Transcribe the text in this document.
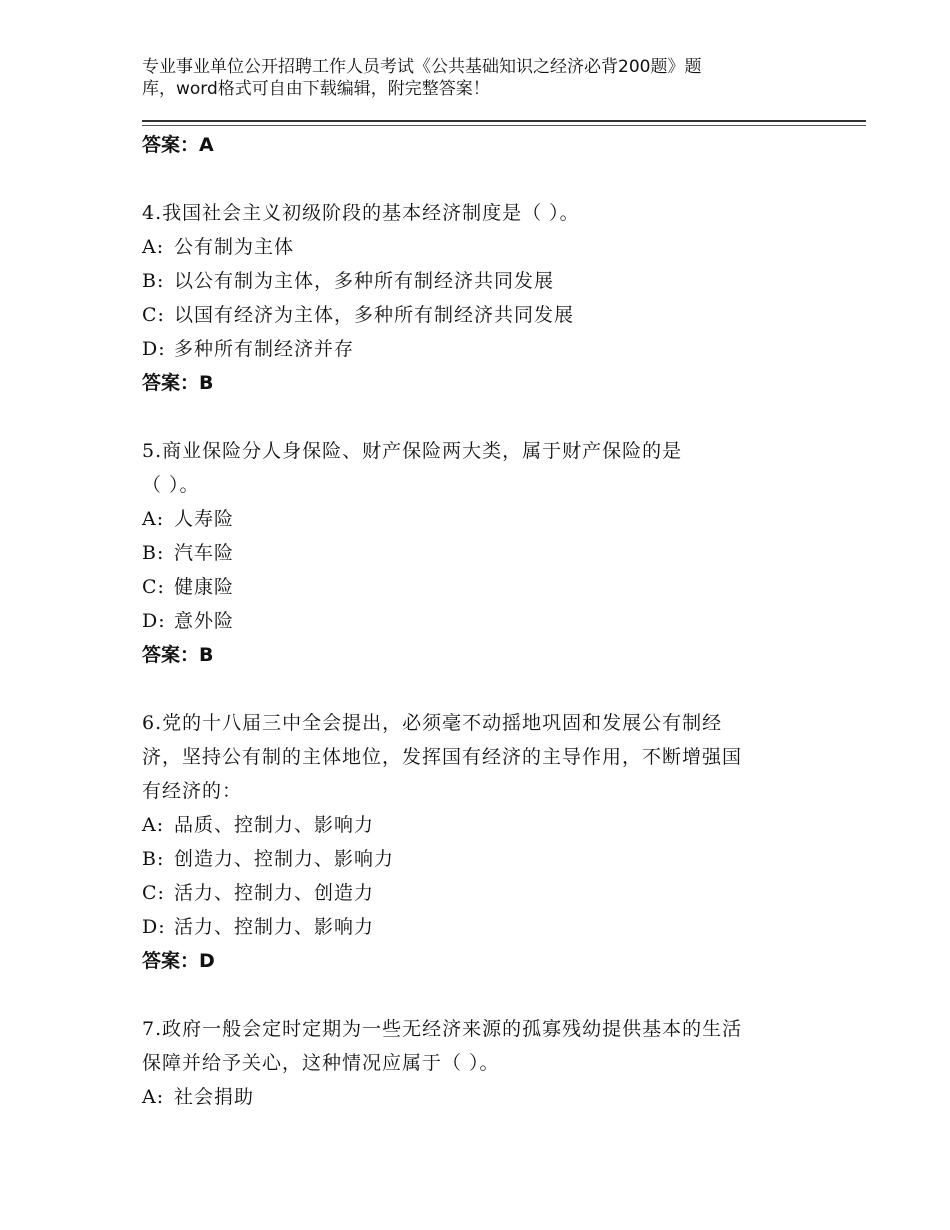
专业事业单位公开招聘工作人员考试《公共基础知识之经济必背200题》题
库，word格式可自由下载编辑，附完整答案！
答案：A
4.我国社会主义初级阶段的基本经济制度是（ ）。
A: 公有制为主体
B: 以公有制为主体，多种所有制经济共同发展
C: 以国有经济为主体，多种所有制经济共同发展
D: 多种所有制经济并存
答案：B
5.商业保险分人身保险、财产保险两大类，属于财产保险的是
（ ）。
A: 人寿险
B: 汽车险
C: 健康险
D: 意外险
答案：B
6.党的十八届三中全会提出，必须毫不动摇地巩固和发展公有制经
济，坚持公有制的主体地位，发挥国有经济的主导作用，不断增强国
有经济的：
A: 品质、控制力、影响力
B: 创造力、控制力、影响力
C: 活力、控制力、创造力
D: 活力、控制力、影响力
答案：D
7.政府一般会定时定期为一些无经济来源的孤寡残幼提供基本的生活
保障并给予关心，这种情况应属于（ ）。
A: 社会捐助
